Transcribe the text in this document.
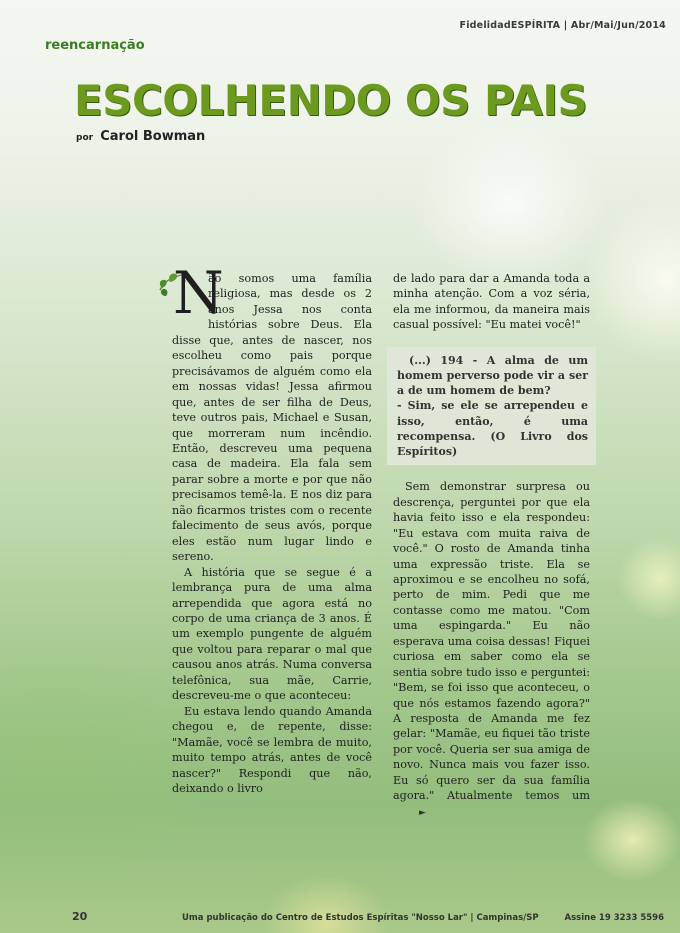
FidelidadESPÍRITA | Abr/Mai/Jun/2014
reencarnação
ESCOLHENDO OS PAIS
por Carol Bowman
N

ão somos uma família religiosa, mas desde os 2 anos Jessa nos conta histórias sobre Deus. Ela disse que, antes de nascer, nos escolheu como pais porque precisávamos de alguém como ela em nossas vidas! Jessa afirmou que, antes de ser filha de Deus, teve outros pais, Michael e Susan, que morreram num incêndio. Então, descreveu uma pequena casa de madeira. Ela fala sem parar sobre a morte e por que não precisamos temê-la. E nos diz para não ficarmos tristes com o recente falecimento de seus avós, porque eles estão num lugar lindo e sereno.

A história que se segue é a lembrança pura de uma alma arrependida que agora está no corpo de uma criança de 3 anos. É um exemplo pungente de alguém que voltou para reparar o mal que causou anos atrás. Numa conversa telefônica, sua mãe, Carrie, descreveu-me o que aconteceu:

Eu estava lendo quando Amanda chegou e, de repente, disse: "Mamãe, você se lembra de muito, muito tempo atrás, antes de você nascer?" Respondi que não, deixando o livro

de lado para dar a Amanda toda a minha atenção. Com a voz séria, ela me informou, da maneira mais casual possível: "Eu matei você!"

(...) 194 - A alma de um homem perverso pode vir a ser a de um homem de bem?

- Sim, se ele se arrependeu e isso, então, é uma recompensa. (O Livro dos Espíritos)

Sem demonstrar surpresa ou descrença, perguntei por que ela havia feito isso e ela respondeu: "Eu estava com muita raiva de você." O rosto de Amanda tinha uma expressão triste. Ela se aproximou e se encolheu no sofá, perto de mim. Pedi que me contasse como me matou. "Com uma espingarda." Eu não esperava uma coisa dessas! Fiquei curiosa em saber como ela se sentia sobre tudo isso e perguntei: "Bem, se foi isso que aconteceu, o que nós estamos fazendo agora?" A resposta de Amanda me fez gelar: "Mamãe, eu fiquei tão triste por você. Queria ser sua amiga de novo. Nunca mais vou fazer isso. Eu só quero ser da sua família agora." Atualmente temos um►

20	Uma publicação do Centro de Estudos Espíritas "Nosso Lar" | Campinas/SP	Assine 19 3233 5596
